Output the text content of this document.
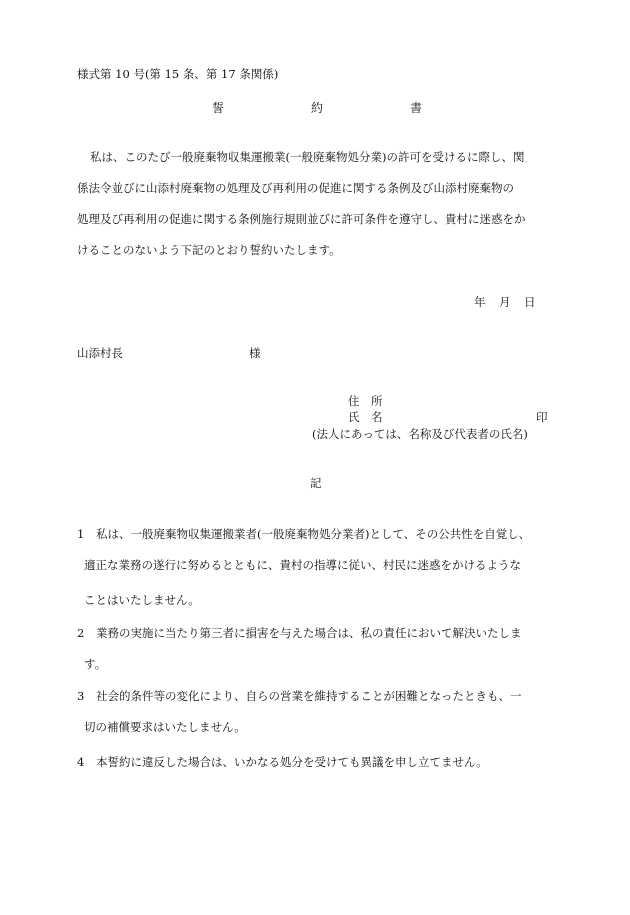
様式第 10 号(第 15 条、第 17 条関係)
誓	約	書
私は、このたび一般廃棄物収集運搬業(一般廃棄物処分業)の許可を受けるに際し、関
係法令並びに山添村廃棄物の処理及び再利用の促進に関する条例及び山添村廃棄物の
処理及び再利用の促進に関する条例施行規則並びに許可条件を遵守し、貴村に迷惑をか
けることのないよう下記のとおり誓約いたします。
年 月 日
山添村長	様
住　所
氏　名	印
(法人にあっては、名称及び代表者の氏名)
記
1 私は、一般廃棄物収集運搬業者(一般廃棄物処分業者)として、その公共性を自覚し、
適正な業務の遂行に努めるとともに、貴村の指導に従い、村民に迷惑をかけるような
ことはいたしません。
2 業務の実施に当たり第三者に損害を与えた場合は、私の責任において解決いたしま
す。
3 社会的条件等の変化により、自らの営業を維持することが困難となったときも、一
切の補償要求はいたしません。
4 本誓約に違反した場合は、いかなる処分を受けても異議を申し立てません。
